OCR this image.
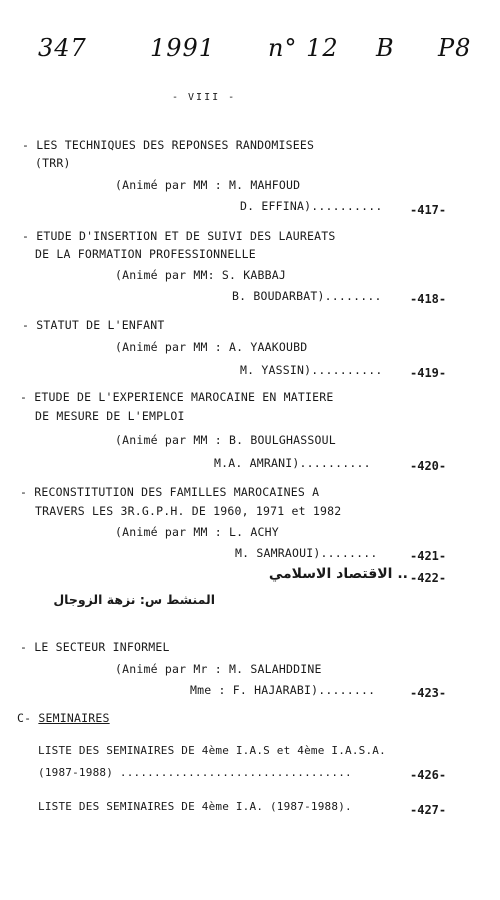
347	1991 n° 12 B P8
- VIII -
- LES TECHNIQUES DES REPONSES RANDOMISEES
(TRR)
(Animé par MM : M. MAHFOUD
D. EFFINA).......... -417-
- ETUDE D'INSERTION ET DE SUIVI DES LAUREATS
DE LA FORMATION PROFESSIONNELLE
(Animé par MM: S. KABBAJ
B. BOUDARBAT)........ -418-
- STATUT DE L'ENFANT
(Animé par MM : A. YAAKOUBD
M. YASSIN).......... -419-
- ETUDE DE L'EXPERIENCE MAROCAINE EN MATIERE
DE MESURE DE L'EMPLOI
(Animé par MM : B. BOULGHASSOUL
M.A. AMRANI)..........	-420-
- RECONSTITUTION DES FAMILLES MAROCAINES A
TRAVERS LES 3R.G.P.H. DE 1960, 1971 et 1982
(Animé par MM : L. ACHY
M. SAMRAOUI)........	-421-
.. الاقتصاد الاسلامي -422-
المنشط س: نزهة الزوجال
- LE SECTEUR INFORMEL
(Animé par Mr : M. SALAHDDINE
Mme : F. HAJARABI)........	-423-
C- SEMINAIRES
LISTE DES SEMINAIRES DE 4ème I.A.S et 4ème I.A.S.A.
(1987-1988) ..................................	-426-
LISTE DES SEMINAIRES DE 4ème I.A. (1987-1988).	-427-
